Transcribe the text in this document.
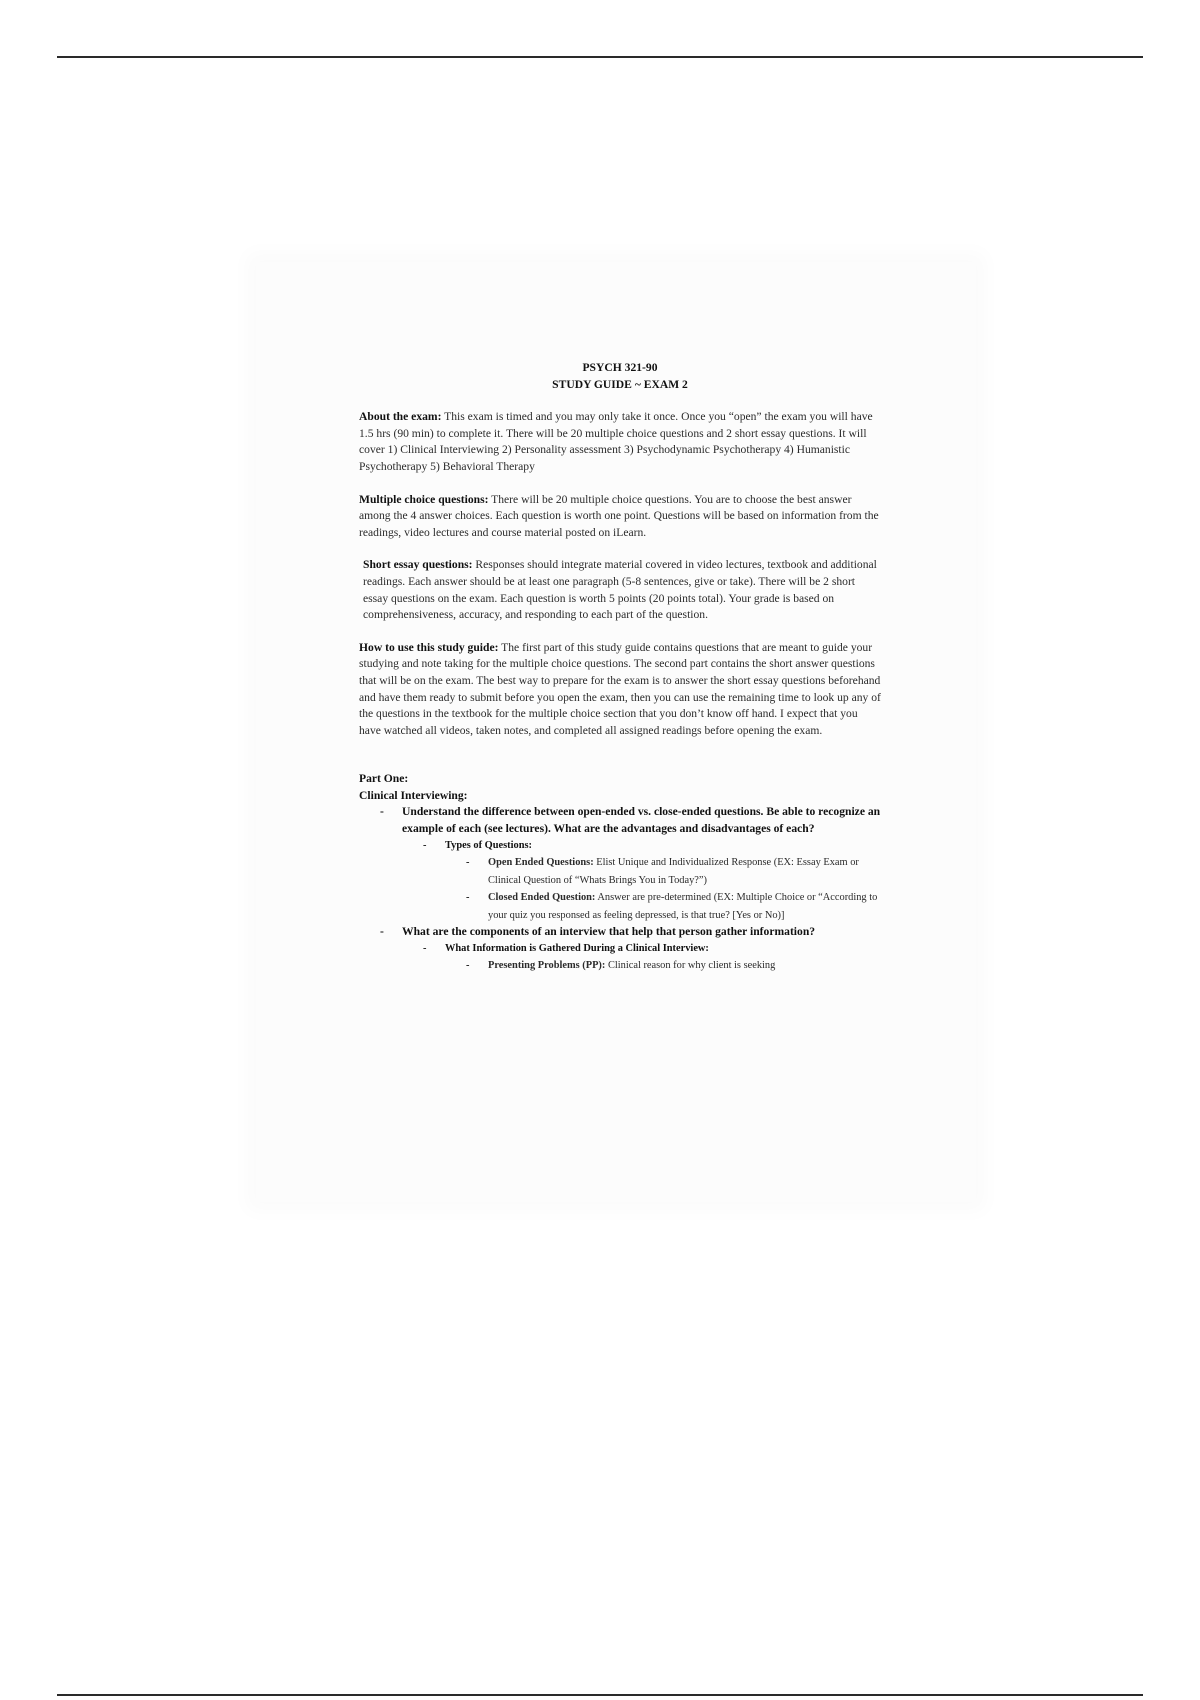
PSYCH 321-90

STUDY GUIDE ~ EXAM 2

About the exam: This exam is timed and you may only take it once. Once you “open” the exam you will have 1.5 hrs (90 min) to complete it. There will be 20 multiple choice questions and 2 short essay questions. It will cover 1) Clinical Interviewing 2) Personality assessment 3) Psychodynamic Psychotherapy 4) Humanistic Psychotherapy 5) Behavioral Therapy

Multiple choice questions: There will be 20 multiple choice questions. You are to choose the best answer among the 4 answer choices. Each question is worth one point. Questions will be based on information from the readings, video lectures and course material posted on iLearn.

Short essay questions: Responses should integrate material covered in video lectures, textbook and additional readings. Each answer should be at least one paragraph (5-8 sentences, give or take). There will be 2 short essay questions on the exam. Each question is worth 5 points (20 points total). Your grade is based on comprehensiveness, accuracy, and responding to each part of the question.

How to use this study guide: The first part of this study guide contains questions that are meant to guide your studying and note taking for the multiple choice questions. The second part contains the short answer questions that will be on the exam. The best way to prepare for the exam is to answer the short essay questions beforehand and have them ready to submit before you open the exam, then you can use the remaining time to look up any of the questions in the textbook for the multiple choice section that you don’t know off hand. I expect that you have watched all videos, taken notes, and completed all assigned readings before opening the exam.

Part One:
Clinical Interviewing:
- Understand the difference between open-ended vs. close-ended questions. Be able to recognize an example of each (see lectures). What are the advantages and disadvantages of each?
- Types of Questions:
- Open Ended Questions: Elist Unique and Individualized Response (EX: Essay Exam or Clinical Question of “Whats Brings You in Today?”)
- Closed Ended Question: Answer are pre-determined (EX: Multiple Choice or “According to your quiz you responsed as feeling depressed, is that true? [Yes or No)]
- What are the components of an interview that help that person gather information?
- What Information is Gathered During a Clinical Interview:
- Presenting Problems (PP): Clinical reason for why client is seeking
